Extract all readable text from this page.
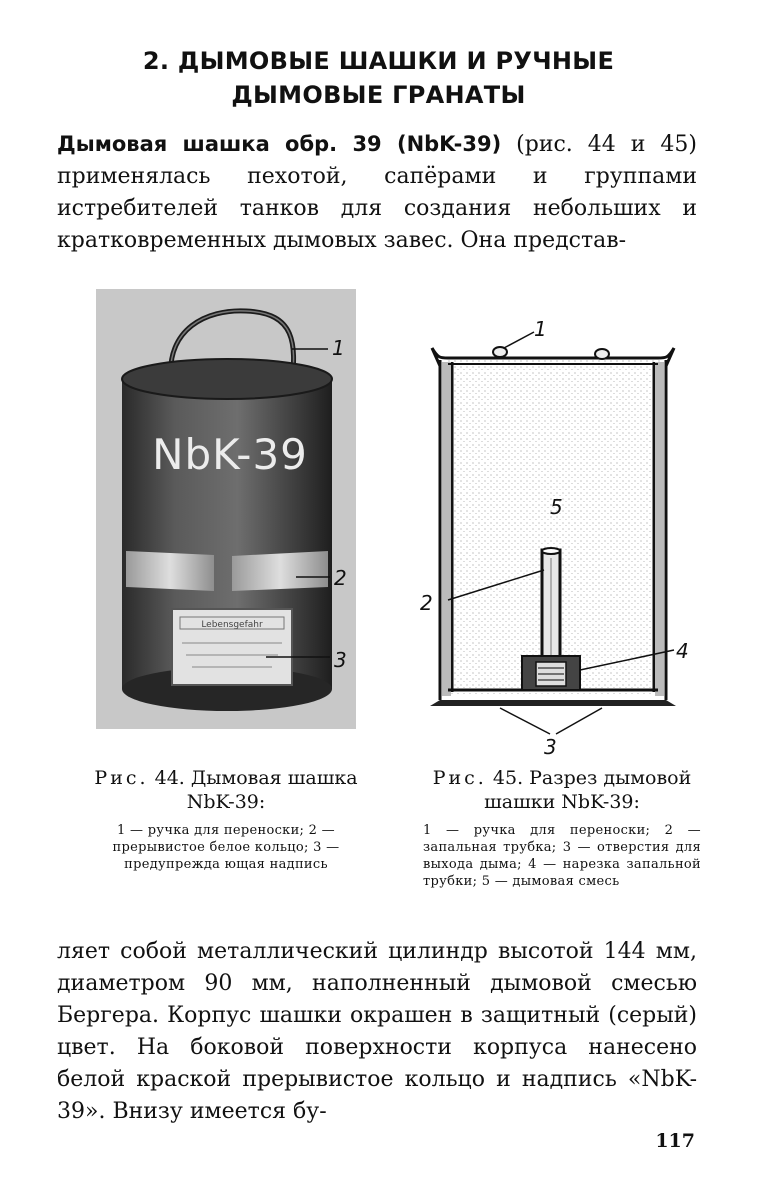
2. ДЫМОВЫЕ ШАШКИ И РУЧНЫЕ
ДЫМОВЫЕ ГРАНАТЫ
Дымовая шашка обр. 39 (NbK-39) (рис. 44 и 45) применялась пехотой, сапёрами и группами истребителей танков для создания небольших и кратковременных дымовых завес. Она представ-
Lebensgefahr
NbK-39
1
2
3
1
2
3
4
5
Рис. 44. Дымовая шашка NbK-39:
1 — ручка для переноски; 2 — прерывистое белое кольцо; 3 — предупрежда ющая надпись
Рис. 45. Разрез дымовой шашки NbK-39:
1 — ручка для переноски; 2 — запальная трубка; 3 — отверстия для выхода дыма; 4 — нарезка запальной трубки; 5 — дымовая смесь
ляет собой металлический цилиндр высотой 144 мм, диаметром 90 мм, наполненный дымовой смесью Бергера. Корпус шашки окрашен в защитный (серый) цвет. На боковой поверхности корпуса нанесено белой краской прерывистое кольцо и надпись «NbK-39». Внизу имеется бу-
117
